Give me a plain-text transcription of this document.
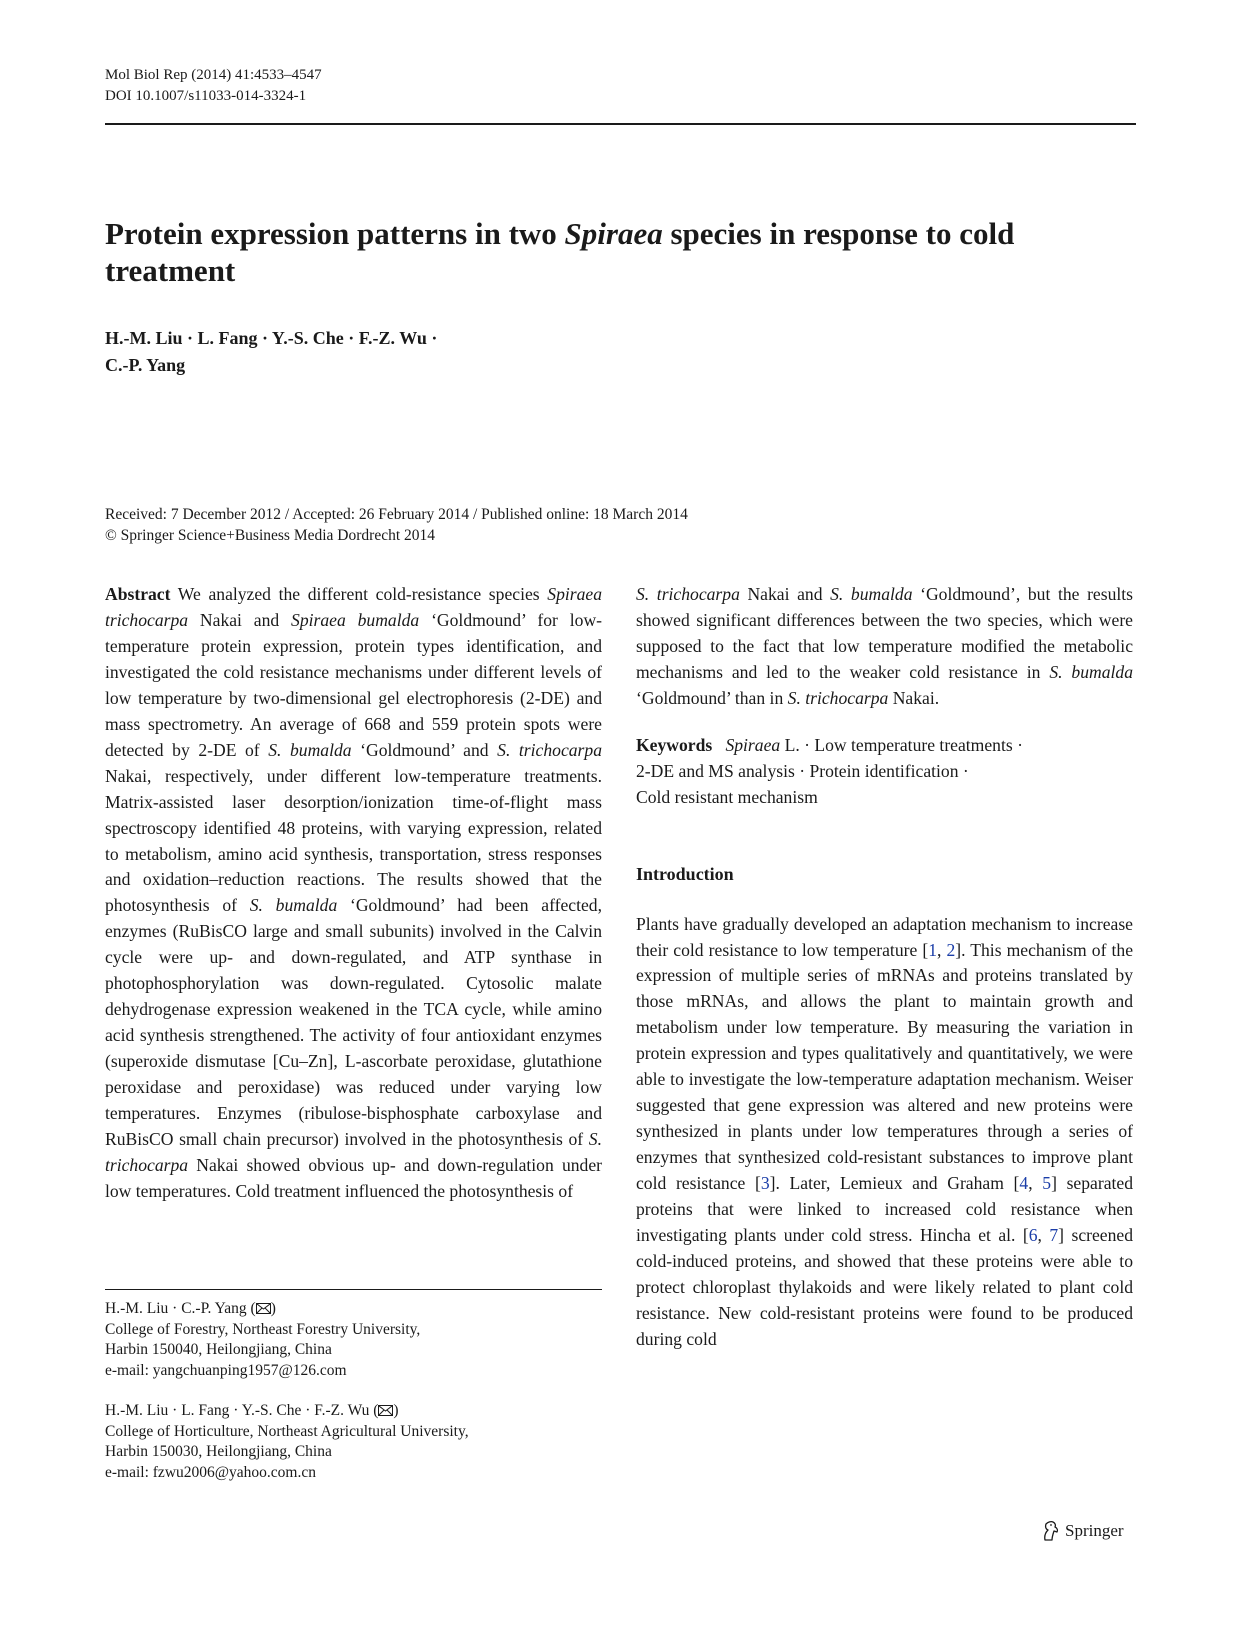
Mol Biol Rep (2014) 41:4533–4547
DOI 10.1007/s11033-014-3324-1
Protein expression patterns in two Spiraea species in response to cold treatment
H.-M. Liu · L. Fang · Y.-S. Che · F.-Z. Wu ·
C.-P. Yang
Received: 7 December 2012 / Accepted: 26 February 2014 / Published online: 18 March 2014
© Springer Science+Business Media Dordrecht 2014

Abstract We analyzed the different cold-resistance species Spiraea trichocarpa Nakai and Spiraea bumalda ‘Goldmound’ for low-temperature protein expression, protein types identification, and investigated the cold resistance mechanisms under different levels of low temperature by two-dimensional gel electrophoresis (2-DE) and mass spectrometry. An average of 668 and 559 protein spots were detected by 2-DE of S. bumalda ‘Goldmound’ and S. trichocarpa Nakai, respectively, under different low-temperature treatments. Matrix-assisted laser desorption/ionization time-of-flight mass spectroscopy identified 48 proteins, with varying expression, related to metabolism, amino acid synthesis, transportation, stress responses and oxidation–reduction reactions. The results showed that the photosynthesis of S. bumalda ‘Goldmound’ had been affected, enzymes (RuBisCO large and small subunits) involved in the Calvin cycle were up- and down-regulated, and ATP synthase in photophosphorylation was down-regulated. Cytosolic malate dehydrogenase expression weakened in the TCA cycle, while amino acid synthesis strengthened. The activity of four antioxidant enzymes (superoxide dismutase [Cu–Zn], L-ascorbate peroxidase, glutathione peroxidase and peroxidase) was reduced under varying low temperatures. Enzymes (ribulose-bisphosphate carboxylase and RuBisCO small chain precursor) involved in the photosynthesis of S. trichocarpa Nakai showed obvious up- and down-regulation under low temperatures. Cold treatment influenced the photosynthesis of

S. trichocarpa Nakai and S. bumalda ‘Goldmound’, but the results showed significant differences between the two species, which were supposed to the fact that low temperature modified the metabolic mechanisms and led to the weaker cold resistance in S. bumalda ‘Goldmound’ than in S. trichocarpa Nakai.

Keywords Spiraea L. · Low temperature treatments ·
2-DE and MS analysis · Protein identification ·
Cold resistant mechanism
Introduction

Plants have gradually developed an adaptation mechanism to increase their cold resistance to low temperature [1, 2]. This mechanism of the expression of multiple series of mRNAs and proteins translated by those mRNAs, and allows the plant to maintain growth and metabolism under low temperature. By measuring the variation in protein expression and types qualitatively and quantitatively, we were able to investigate the low-temperature adaptation mechanism. Weiser suggested that gene expression was altered and new proteins were synthesized in plants under low temperatures through a series of enzymes that synthesized cold-resistant substances to improve plant cold resistance [3]. Later, Lemieux and Graham [4, 5] separated proteins that were linked to increased cold resistance when investigating plants under cold stress. Hincha et al. [6, 7] screened cold-induced proteins, and showed that these proteins were able to protect chloroplast thylakoids and were likely related to plant cold resistance. New cold-resistant proteins were found to be produced during cold

H.-M. Liu · C.-P. Yang ( )
College of Forestry, Northeast Forestry University,
Harbin 150040, Heilongjiang, China
e-mail: yangchuanping1957@126.com
H.-M. Liu · L. Fang · Y.-S. Che · F.-Z. Wu ( )
College of Horticulture, Northeast Agricultural University,
Harbin 150030, Heilongjiang, China
e-mail: fzwu2006@yahoo.com.cn
Springer
